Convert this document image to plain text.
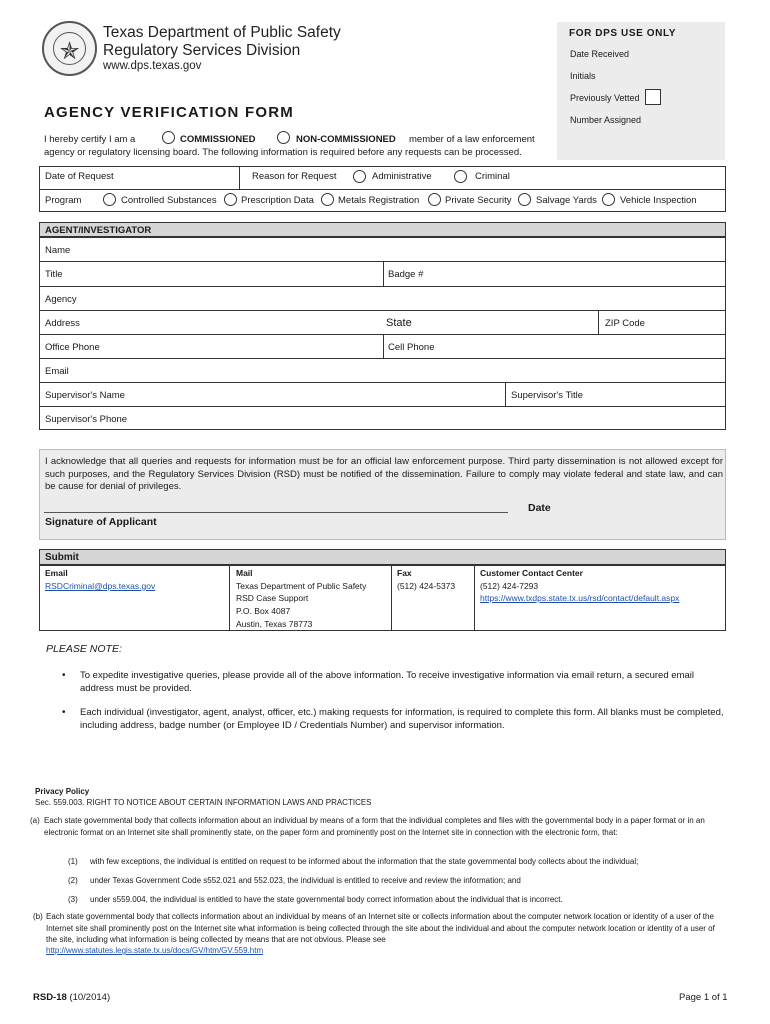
✯
Texas Department of Public Safety
Regulatory Services Division
www.dps.texas.gov
FOR DPS USE ONLY
Date Received
Initials
Previously Vetted
Number Assigned
AGENCY VERIFICATION FORM
I hereby certify I am a	COMMISSIONED	NON-COMMISSIONED member of a law enforcement
agency or regulatory licensing board. The following information is required before any requests can be processed.
Date of Request	Reason for Request	Administrative	Criminal
Program	Controlled Substances	Prescription Data	Metals Registration	Private Security	Salvage Yards Vehicle Inspection
AGENT/INVESTIGATOR
Name
Title	Badge #
Agency
Address	State	ZIP Code
Office Phone	Cell Phone
Email
Supervisor's Name	Supervisor's Title
Supervisor's Phone
I acknowledge that all queries and requests for information must be for an official law enforcement purpose. Third party dissemination is not allowed except for such purposes, and the Regulatory Services Division (RSD) must be notified of the dissemination. Failure to comply may violate federal and state law, and can be cause for denial of privileges.
Signature of Applicant
Date
Submit
Email
RSDCriminal@dps.texas.gov
Mail
Texas Department of Public Safety
RSD Case Support
P.O. Box 4087
Austin, Texas 78773
Fax
(512) 424-5373
Customer Contact Center
(512) 424-7293
https://www.txdps.state.tx.us/rsd/contact/default.aspx
PLEASE NOTE:
• To expedite investigative queries, please provide all of the above information. To receive investigative information via email return, a secured email address must be provided.
• Each individual (investigator, agent, analyst, officer, etc.) making requests for information, is required to complete this form. All blanks must be completed, including address, badge number (or Employee ID / Credentials Number) and supervisor information.
Privacy Policy
Sec. 559.003. RIGHT TO NOTICE ABOUT CERTAIN INFORMATION LAWS AND PRACTICES
(a) Each state governmental body that collects information about an individual by means of a form that the individual completes and files with the governmental body in a paper format or in an electronic format on an Internet site shall prominently state, on the paper form and prominently post on the Internet site in connection with the electronic form, that:
(1) with few exceptions, the individual is entitled on request to be informed about the information that the state governmental body collects about the individual;
(2) under Texas Government Code s552.021 and 552.023, the individual is entitled to receive and review the information; and
(3) under s559.004, the individual is entitled to have the state governmental body correct information about the individual that is incorrect.
(b) Each state governmental body that collects information about an individual by means of an Internet site or collects information about the computer network location or identity of a user of the Internet site shall prominently post on the Internet site what information is being collected through the site about the individual and about the computer network location or identity of a user of the site, including what information is being collected by means that are not obvious. Please see
http://www.statutes.legis.state.tx.us/docs/GV/htm/GV.559.htm
RSD-18 (10/2014)	Page 1 of 1
